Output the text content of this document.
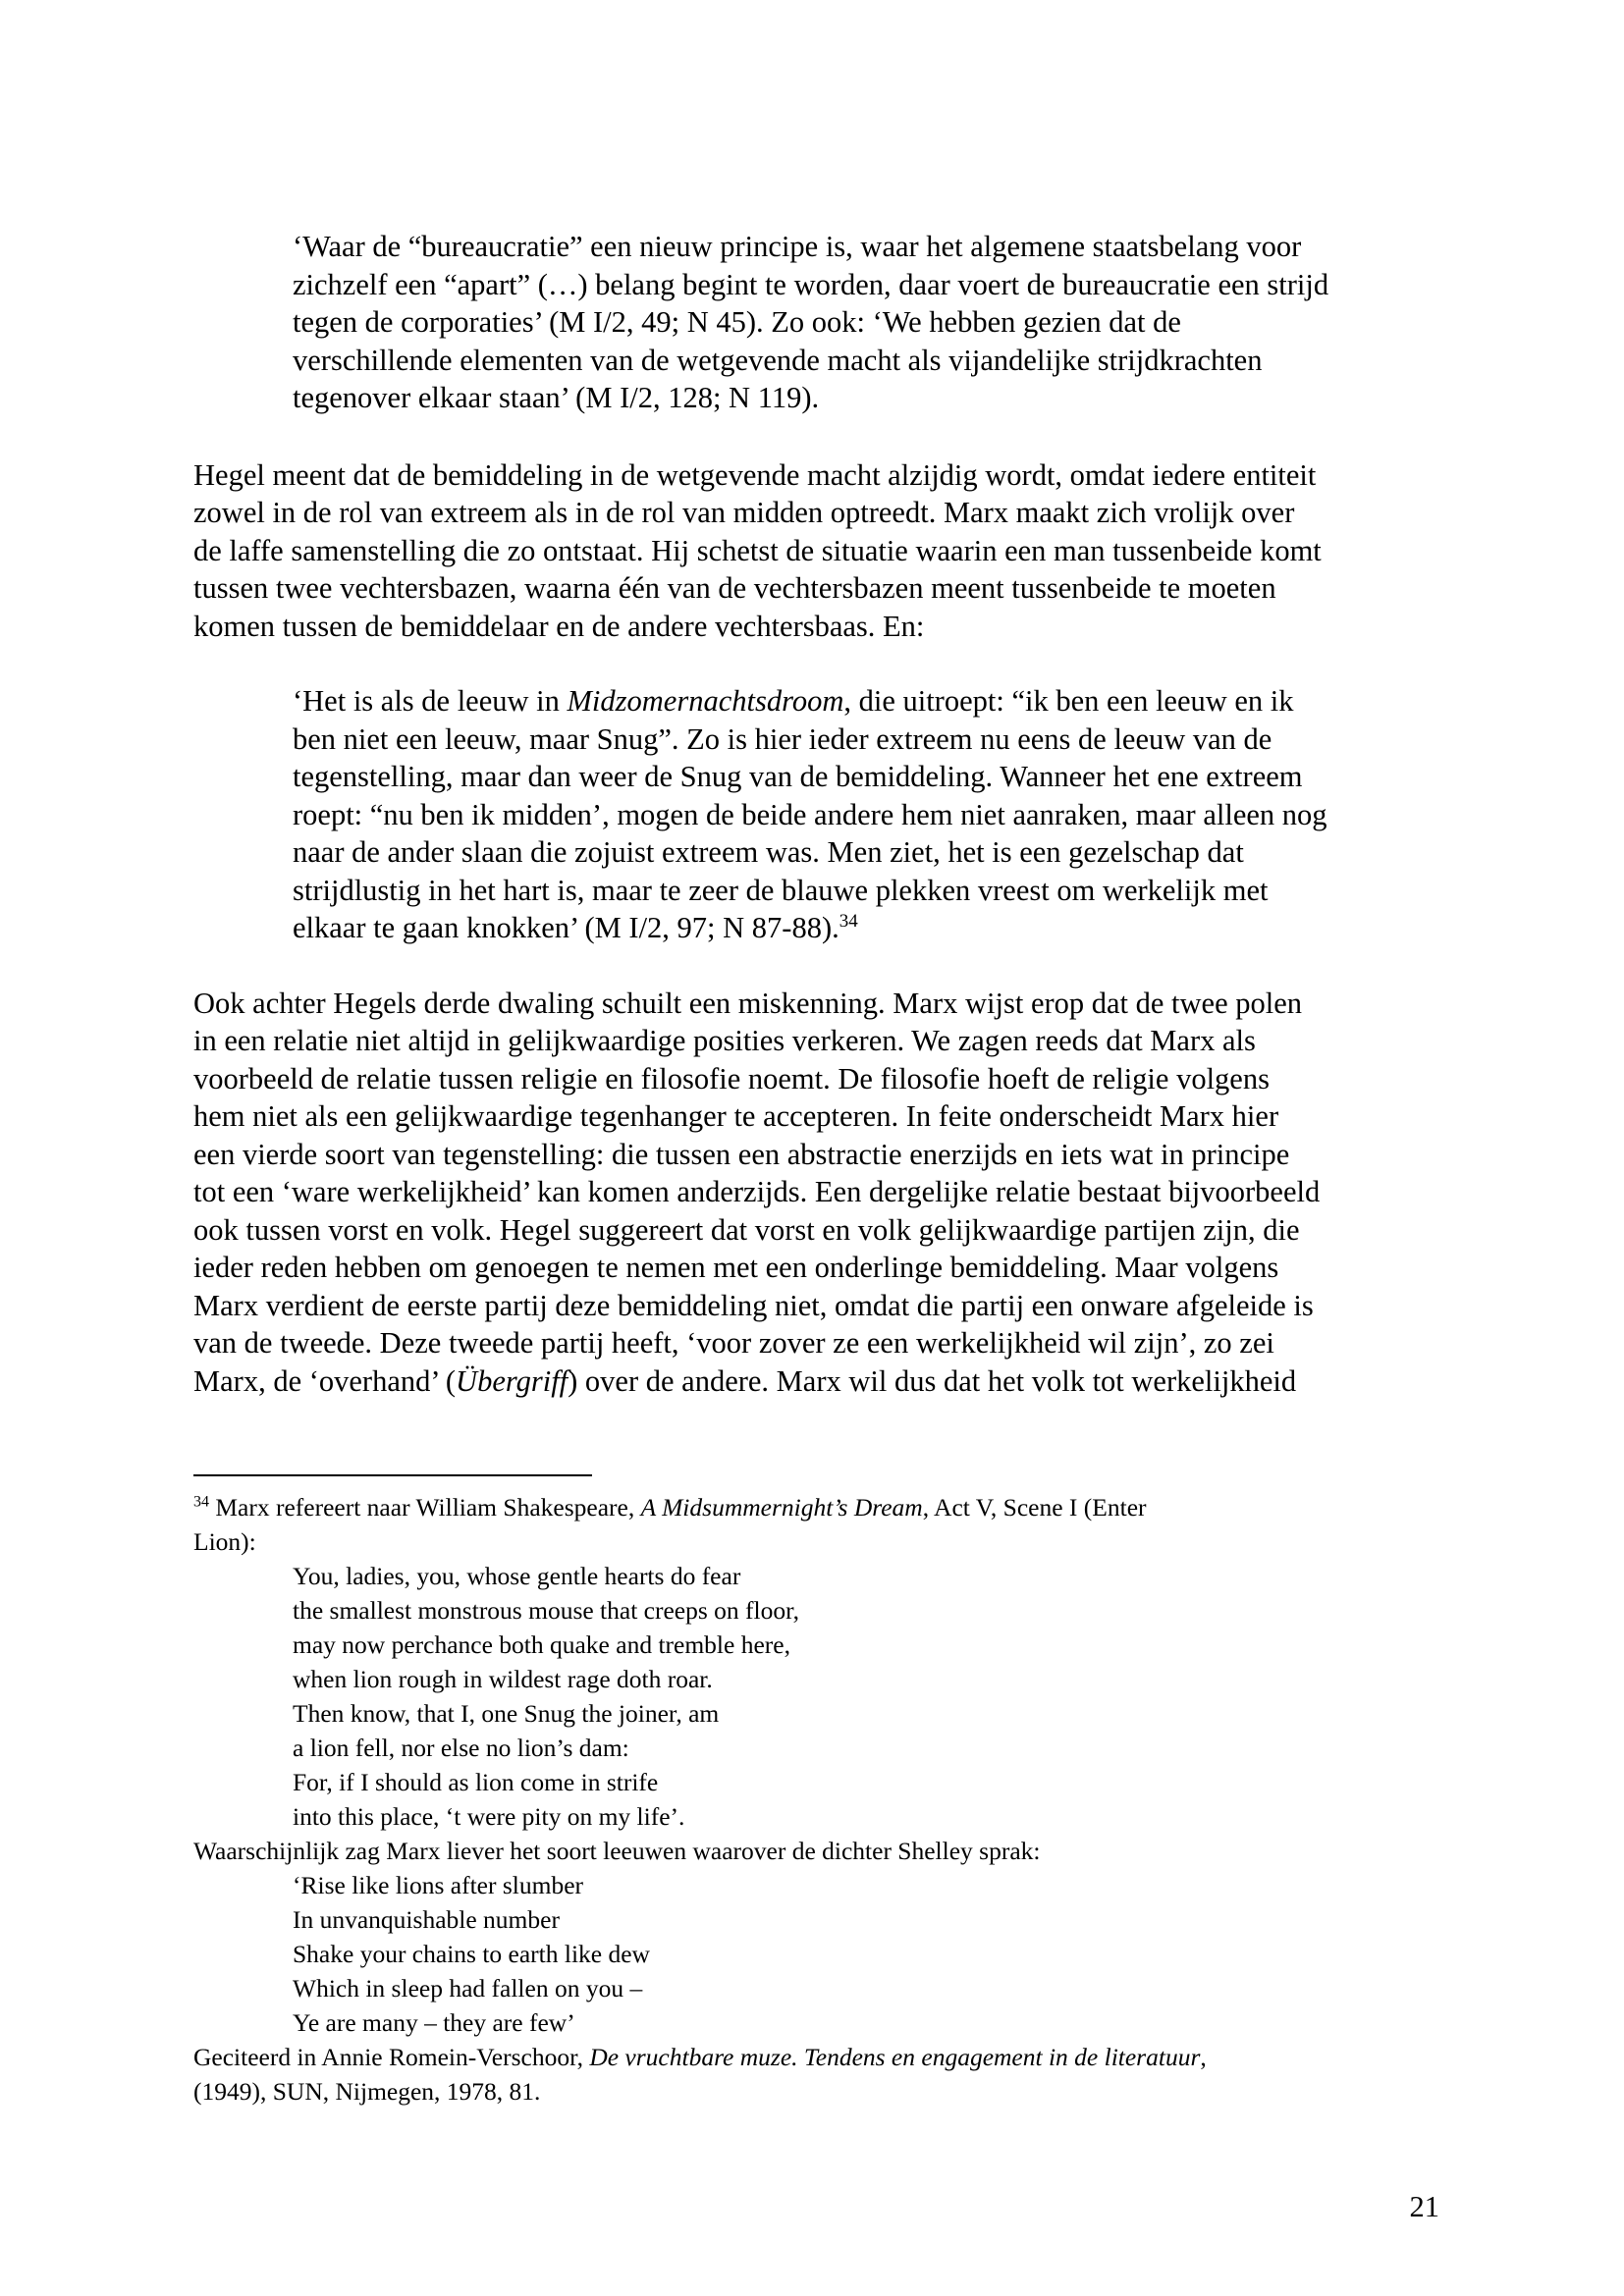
‘Waar de “bureaucratie” een nieuw principe is, waar het algemene staatsbelang voor
zichzelf een “apart” (…) belang begint te worden, daar voert de bureaucratie een strijd
tegen de corporaties’ (M I/2, 49; N 45). Zo ook: ‘We hebben gezien dat de
verschillende elementen van de wetgevende macht als vijandelijke strijdkrachten
tegenover elkaar staan’ (M I/2, 128; N 119).
Hegel meent dat de bemiddeling in de wetgevende macht alzijdig wordt, omdat iedere entiteit
zowel in de rol van extreem als in de rol van midden optreedt. Marx maakt zich vrolijk over
de laffe samenstelling die zo ontstaat. Hij schetst de situatie waarin een man tussenbeide komt
tussen twee vechtersbazen, waarna één van de vechtersbazen meent tussenbeide te moeten
komen tussen de bemiddelaar en de andere vechtersbaas. En:
‘Het is als de leeuw in Midzomernachtsdroom, die uitroept: “ik ben een leeuw en ik
ben niet een leeuw, maar Snug”. Zo is hier ieder extreem nu eens de leeuw van de
tegenstelling, maar dan weer de Snug van de bemiddeling. Wanneer het ene extreem
roept: “nu ben ik midden’, mogen de beide andere hem niet aanraken, maar alleen nog
naar de ander slaan die zojuist extreem was. Men ziet, het is een gezelschap dat
strijdlustig in het hart is, maar te zeer de blauwe plekken vreest om werkelijk met
elkaar te gaan knokken’ (M I/2, 97; N 87-88).$^{34}$
Ook achter Hegels derde dwaling schuilt een miskenning. Marx wijst erop dat de twee polen
in een relatie niet altijd in gelijkwaardige posities verkeren. We zagen reeds dat Marx als
voorbeeld de relatie tussen religie en filosofie noemt. De filosofie hoeft de religie volgens
hem niet als een gelijkwaardige tegenhanger te accepteren. In feite onderscheidt Marx hier
een vierde soort van tegenstelling: die tussen een abstractie enerzijds en iets wat in principe
tot een ‘ware werkelijkheid’ kan komen anderzijds. Een dergelijke relatie bestaat bijvoorbeeld
ook tussen vorst en volk. Hegel suggereert dat vorst en volk gelijkwaardige partijen zijn, die
ieder reden hebben om genoegen te nemen met een onderlinge bemiddeling. Maar volgens
Marx verdient de eerste partij deze bemiddeling niet, omdat die partij een onware afgeleide is
van de tweede. Deze tweede partij heeft, ‘voor zover ze een werkelijkheid wil zijn’, zo zei
Marx, de ‘overhand’ (Übergriff) over de andere. Marx wil dus dat het volk tot werkelijkheid
$^{34}$ Marx refereert naar William Shakespeare, A Midsummernight’s Dream, Act V, Scene I (Enter
Lion):
You, ladies, you, whose gentle hearts do fear
the smallest monstrous mouse that creeps on floor,
may now perchance both quake and tremble here,
when lion rough in wildest rage doth roar.
Then know, that I, one Snug the joiner, am
a lion fell, nor else no lion’s dam:
For, if I should as lion come in strife
into this place, ‘t were pity on my life’.
Waarschijnlijk zag Marx liever het soort leeuwen waarover de dichter Shelley sprak:
‘Rise like lions after slumber
In unvanquishable number
Shake your chains to earth like dew
Which in sleep had fallen on you –
Ye are many – they are few’
Geciteerd in Annie Romein-Verschoor, De vruchtbare muze. Tendens en engagement in de literatuur,
(1949), SUN, Nijmegen, 1978, 81.
21
